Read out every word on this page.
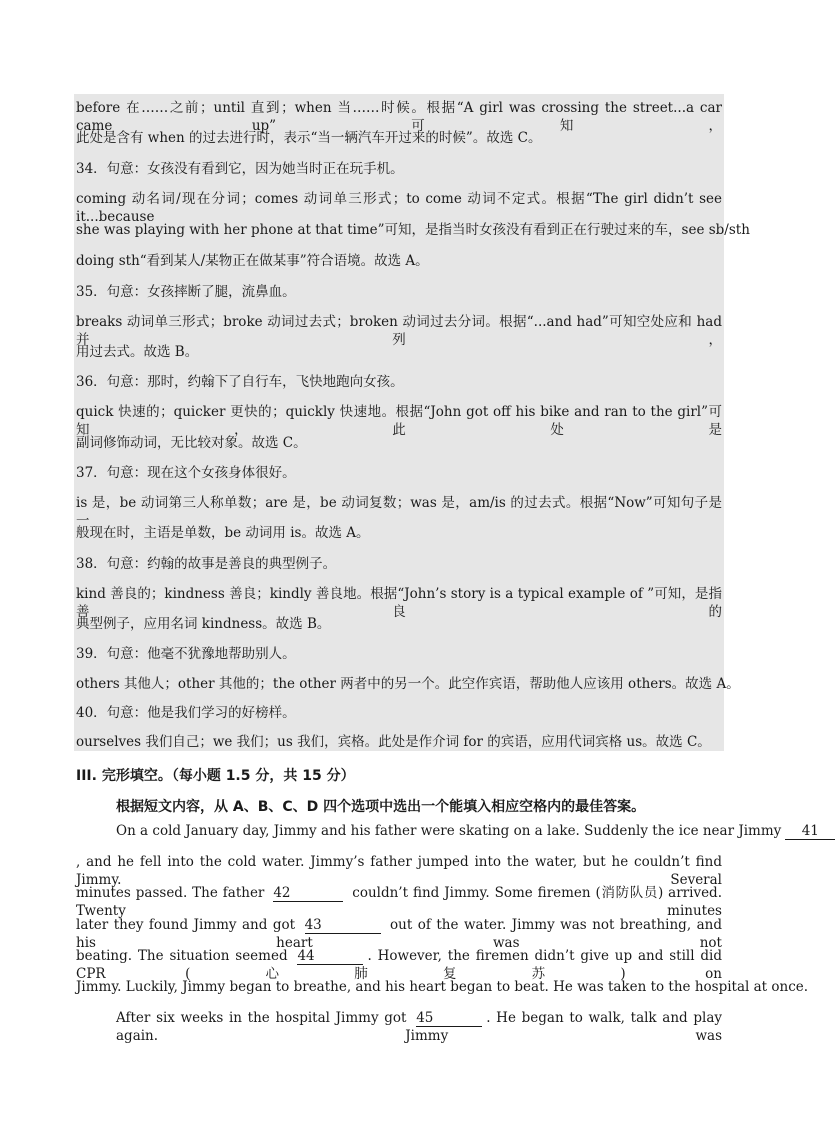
before 在……之前；until 直到；when 当……时候。根据“A girl was crossing the street...a car came up”可知，
此处是含有 when 的过去进行时，表示“当一辆汽车开过来的时候”。故选 C。
34．句意：女孩没有看到它，因为她当时正在玩手机。
coming 动名词/现在分词；comes 动词单三形式；to come 动词不定式。根据“The girl didn’t see it...because
she was playing with her phone at that time”可知，是指当时女孩没有看到正在行驶过来的车，see sb/sth
doing sth“看到某人/某物正在做某事”符合语境。故选 A。
35．句意：女孩摔断了腿，流鼻血。
breaks 动词单三形式；broke 动词过去式；broken 动词过去分词。根据“...and had”可知空处应和 had 并列，
用过去式。故选 B。
36．句意：那时，约翰下了自行车，飞快地跑向女孩。
quick 快速的；quicker 更快的；quickly 快速地。根据“John got off his bike and ran to the girl”可知，此处是
副词修饰动词，无比较对象。故选 C。
37．句意：现在这个女孩身体很好。
is 是，be 动词第三人称单数；are 是，be 动词复数；was 是，am/is 的过去式。根据“Now”可知句子是一
般现在时，主语是单数，be 动词用 is。故选 A。
38．句意：约翰的故事是善良的典型例子。
kind 善良的；kindness 善良；kindly 善良地。根据“John’s story is a typical example of ”可知，是指善良的
典型例子，应用名词 kindness。故选 B。
39．句意：他毫不犹豫地帮助别人。
others 其他人；other 其他的；the other 两者中的另一个。此空作宾语，帮助他人应该用 others。故选 A。
40．句意：他是我们学习的好榜样。
ourselves 我们自己；we 我们；us 我们，宾格。此处是作介词 for 的宾语，应用代词宾格 us。故选 C。
III. 完形填空。（每小题 1.5 分，共 15 分）
根据短文内容，从 A、B、C、D 四个选项中选出一个能填入相应空格内的最佳答案。
On a cold January day, Jimmy and his father were skating on a lake. Suddenly the ice near Jimmy 41
, and he fell into the cold water. Jimmy’s father jumped into the water, but he couldn’t find Jimmy. Several
minutes passed. The father 42	couldn’t find Jimmy. Some firemen (消防队员) arrived. Twenty minutes
later they found Jimmy and got 43	out of the water. Jimmy was not breathing, and his heart was not
beating. The situation seemed 44	. However, the firemen didn’t give up and still did CPR (心肺复苏) on
Jimmy. Luckily, Jimmy began to breathe, and his heart began to beat. He was taken to the hospital at once.
After six weeks in the hospital Jimmy got 45	. He began to walk, talk and play again. Jimmy was
